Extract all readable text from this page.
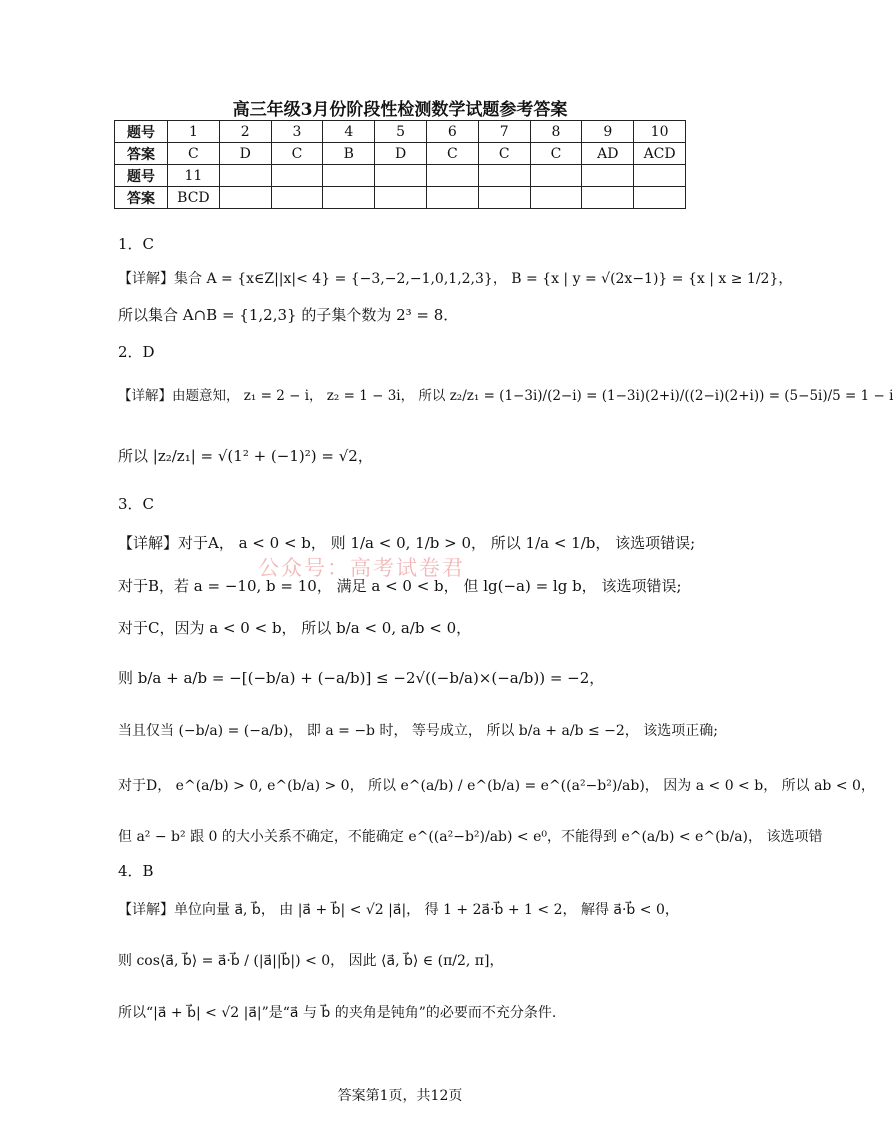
高三年级3月份阶段性检测数学试题参考答案
题号	1	2	3	4	5	6	7	8	9	10
答案	C	D	C	B	D	C	C	C	AD	ACD
题号	11									
答案	BCD									
1．C
【详解】集合 A = {x∈Z||x|< 4} = {−3,−2,−1,0,1,2,3}， B = {x | y = √(2x−1)} = {x | x ≥ 1/2}，
所以集合 A∩B = {1,2,3} 的子集个数为 2³ = 8．
2．D
【详解】由题意知， z₁ = 2 − i， z₂ = 1 − 3i， 所以 z₂/z₁ = (1−3i)/(2−i) = (1−3i)(2+i)/((2−i)(2+i)) = (5−5i)/5 = 1 − i
所以 |z₂/z₁| = √(1² + (−1)²) = √2，
3．C
【详解】对于A， a < 0 < b， 则 1/a < 0, 1/b > 0， 所以 1/a < 1/b， 该选项错误;
对于B，若 a = −10, b = 10， 满足 a < 0 < b， 但 lg(−a) = lg b， 该选项错误;
对于C，因为 a < 0 < b， 所以 b/a < 0, a/b < 0，
则 b/a + a/b = −[(−b/a) + (−a/b)] ≤ −2√((−b/a)×(−a/b)) = −2，
当且仅当 (−b/a) = (−a/b)， 即 a = −b 时， 等号成立， 所以 b/a + a/b ≤ −2， 该选项正确;
对于D， e^(a/b) > 0, e^(b/a) > 0， 所以 e^(a/b) / e^(b/a) = e^((a²−b²)/ab)， 因为 a < 0 < b， 所以 ab < 0，
但 a² − b² 跟 0 的大小关系不确定，不能确定 e^((a²−b²)/ab) < e⁰，不能得到 e^(a/b) < e^(b/a)， 该选项错
公众号：高考试卷君
4．B
【详解】单位向量 a⃗, b⃗， 由 |a⃗ + b⃗| < √2 |a⃗|， 得 1 + 2a⃗·b⃗ + 1 < 2， 解得 a⃗·b⃗ < 0，
则 cos⟨a⃗, b⃗⟩ = a⃗·b⃗ / (|a⃗||b⃗|) < 0， 因此 ⟨a⃗, b⃗⟩ ∈ (π/2, π]，
所以“|a⃗ + b⃗| < √2 |a⃗|”是“a⃗ 与 b⃗ 的夹角是钝角”的必要而不充分条件.
答案第1页，共12页
